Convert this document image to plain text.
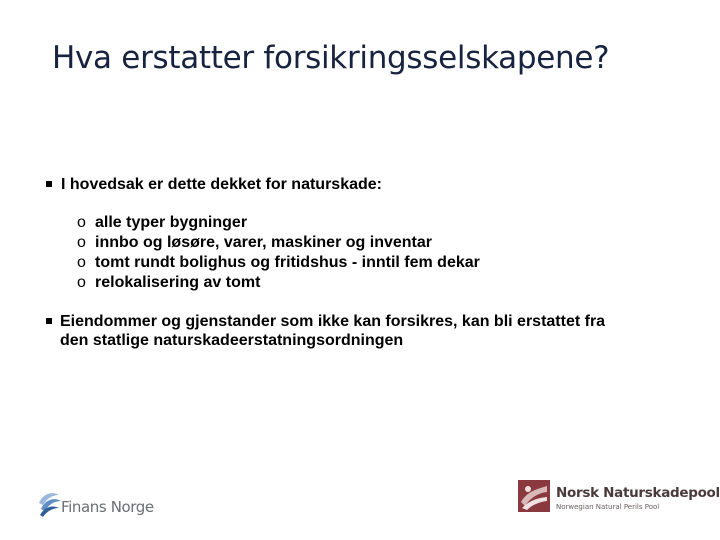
Hva erstatter forsikringsselskapene?
I hovedsak er dette dekket for naturskade:
o alle typer bygninger
o innbo og løsøre, varer, maskiner og inventar
o tomt rundt bolighus og fritidshus - inntil fem dekar
o relokalisering av tomt
Eiendommer og gjenstander som ikke kan forsikres, kan bli erstattet fra
den statlige naturskadeerstatningsordningen
Finans Norge
Norsk Naturskadepool
Norwegian Natural Perils Pool
